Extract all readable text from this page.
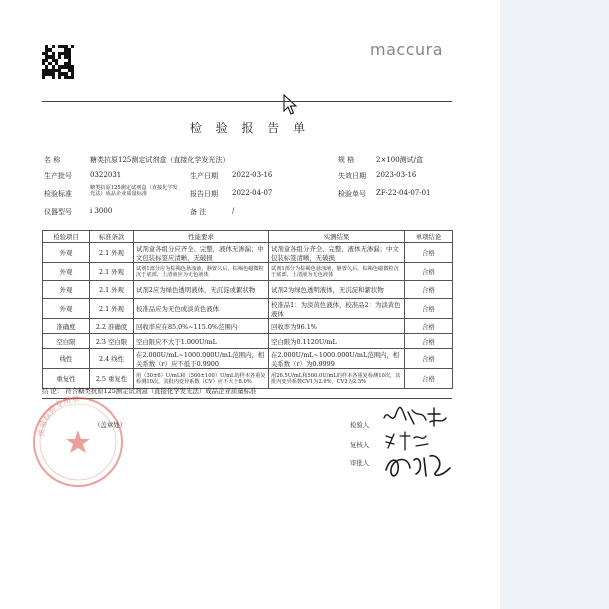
maccura
检 验 报 告 单
名 称	糖类抗原125测定试剂盒（直接化学发光法）	规 格	2×100测试/盒
生产批号	0322031	生产日期 2022-03-16	失效日期 2023-03-16
检验标准
糖类抗原125测定试剂盒（直接化学发光法）成品企业质量标准	报告日期 2022-04-07	检验单号 ZF-22-04-07-01
仪器型号	i 3000	备 注	/
检验项目	标准条款	性能要求	实测结果	单项结论
外观	2.1 外观	试剂盒各组分应齐全、完整，液体无渗漏；中文包装标签应清晰，无破损	试剂盒各组分齐全、完整，液体无渗漏；中文包装标签清晰，无破损	合格
外观	2.1 外观	试剂1部分应为棕褐色悬浊液，静置久后，棕褐色磁微粒沉于底部，上清液应为无色液体	试剂1部分为棕褐色悬浊液，静置久后，棕褐色磁微粒沉于底部，上清液为无色液体	合格
外观	2.1 外观	试剂2应为绿色透明液体，无沉淀或絮状物	试剂2为绿色透明液体，无沉淀和絮状物	合格
外观	2.1 外观	校准品应为无色或淡黄色液体	校准品1：为淡黄色液体，校准品2：为淡黄色液体	合格
准确度	2.2 准确度	回收率应在85.0%~115.0%范围内	回收率为96.1%	合格
空白限	2.3 空白限	空白限应不大于1.000U/mL	空白限为0.1120U/mL	合格
线性	2.4 线性	在2.000U/mL~1000.000U/mL范围内，相关系数（r）应不低于0.9900	在2.000U/mL~1000.000U/mL范围内，相关系数（r）为0.9999	合格
重复性	2.5 重复性	用（30±6）U/mL和（500±100）U/mL的样本各重复检测10次，其批内变异系数（CV）应不大于8.0%	用26.5U/mL和500.0U/mL的样本各重复检测10次，其批内变异系数CV1为2.9%，CV2为2.5%	合格
结 论： 符合糖类抗原125测定试剂盒（直接化学发光法）成品企业质量标准
质量检验专用章
（盖章处）	检验人
复核人
审批人
